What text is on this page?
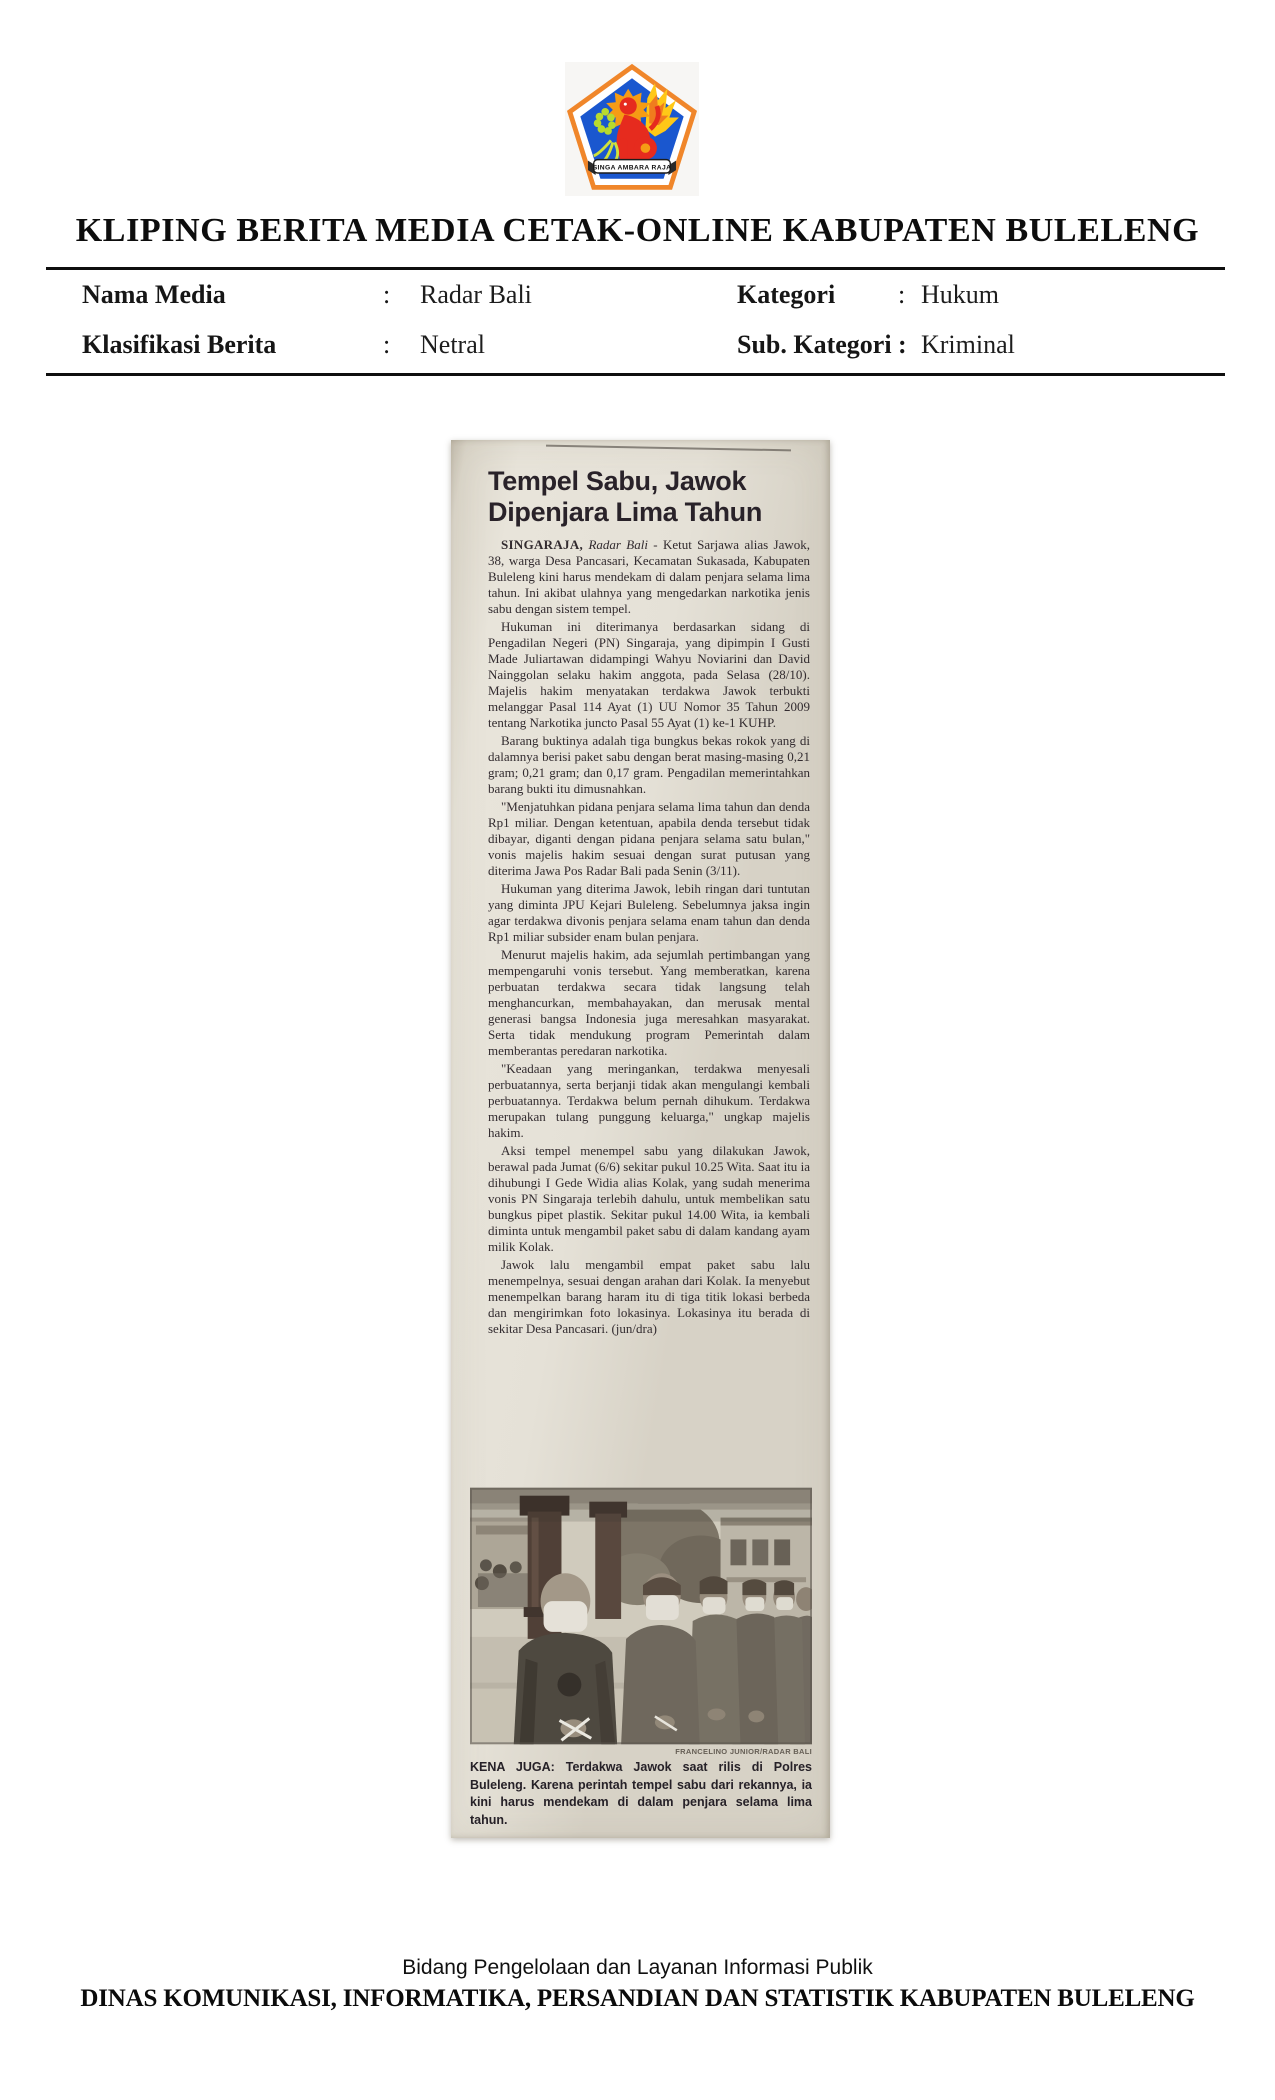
SINGA AMBARA RAJA
KLIPING BERITA MEDIA CETAK-ONLINE KABUPATEN BULELENG
Nama Media	:	Radar Bali	Kategori	: Hukum
Klasifikasi Berita	:	Netral	Sub. Kategori : Kriminal
Tempel Sabu, Jawok
Dipenjara Lima Tahun

SINGARAJA, Radar Bali - Ketut Sarjawa alias Jawok, 38, warga Desa Pancasari, Kecamatan Sukasada, Kabupaten Buleleng kini harus mendekam di dalam penjara selama lima tahun. Ini akibat ulahnya yang mengedarkan narkotika jenis sabu dengan sistem tempel.

Hukuman ini diterimanya berdasarkan sidang di Pengadilan Negeri (PN) Singaraja, yang dipimpin I Gusti Made Juliartawan didampingi Wahyu Noviarini dan David Nainggolan selaku hakim anggota, pada Selasa (28/10). Majelis hakim menyatakan terdakwa Jawok terbukti melanggar Pasal 114 Ayat (1) UU Nomor 35 Tahun 2009 tentang Narkotika juncto Pasal 55 Ayat (1) ke-1 KUHP.

Barang buktinya adalah tiga bungkus bekas rokok yang di dalamnya berisi paket sabu dengan berat masing-masing 0,21 gram; 0,21 gram; dan 0,17 gram. Pengadilan memerintahkan barang bukti itu dimusnahkan.

"Menjatuhkan pidana penjara selama lima tahun dan denda Rp1 miliar. Dengan ketentuan, apabila denda tersebut tidak dibayar, diganti dengan pidana penjara selama satu bulan," vonis majelis hakim sesuai dengan surat putusan yang diterima Jawa Pos Radar Bali pada Senin (3/11).

Hukuman yang diterima Jawok, lebih ringan dari tuntutan yang diminta JPU Kejari Buleleng. Sebelumnya jaksa ingin agar terdakwa divonis penjara selama enam tahun dan denda Rp1 miliar subsider enam bulan penjara.

Menurut majelis hakim, ada sejumlah pertimbangan yang mempengaruhi vonis tersebut. Yang memberatkan, karena perbuatan terdakwa secara tidak langsung telah menghancurkan, membahayakan, dan merusak mental generasi bangsa Indonesia juga meresahkan masyarakat. Serta tidak mendukung program Pemerintah dalam memberantas peredaran narkotika.

"Keadaan yang meringankan, terdakwa menyesali perbuatannya, serta berjanji tidak akan mengulangi kembali perbuatannya. Terdakwa belum pernah dihukum. Terdakwa merupakan tulang punggung keluarga," ungkap majelis hakim.

Aksi tempel menempel sabu yang dilakukan Jawok, berawal pada Jumat (6/6) sekitar pukul 10.25 Wita. Saat itu ia dihubungi I Gede Widia alias Kolak, yang sudah menerima vonis PN Singaraja terlebih dahulu, untuk membelikan satu bungkus pipet plastik. Sekitar pukul 14.00 Wita, ia kembali diminta untuk mengambil paket sabu di dalam kandang ayam milik Kolak.

Jawok lalu mengambil empat paket sabu lalu menempelnya, sesuai dengan arahan dari Kolak. Ia menyebut menempelkan barang haram itu di tiga titik lokasi berbeda dan mengirimkan foto lokasinya. Lokasinya itu berada di sekitar Desa Pancasari. (jun/dra)

FRANCELINO JUNIOR/RADAR BALI

KENA JUGA: Terdakwa Jawok saat rilis di Polres Buleleng. Karena perintah tempel sabu dari rekannya, ia kini harus mendekam di dalam penjara selama lima tahun.

Bidang Pengelolaan dan Layanan Informasi Publik

DINAS KOMUNIKASI, INFORMATIKA, PERSANDIAN DAN STATISTIK KABUPATEN BULELENG
